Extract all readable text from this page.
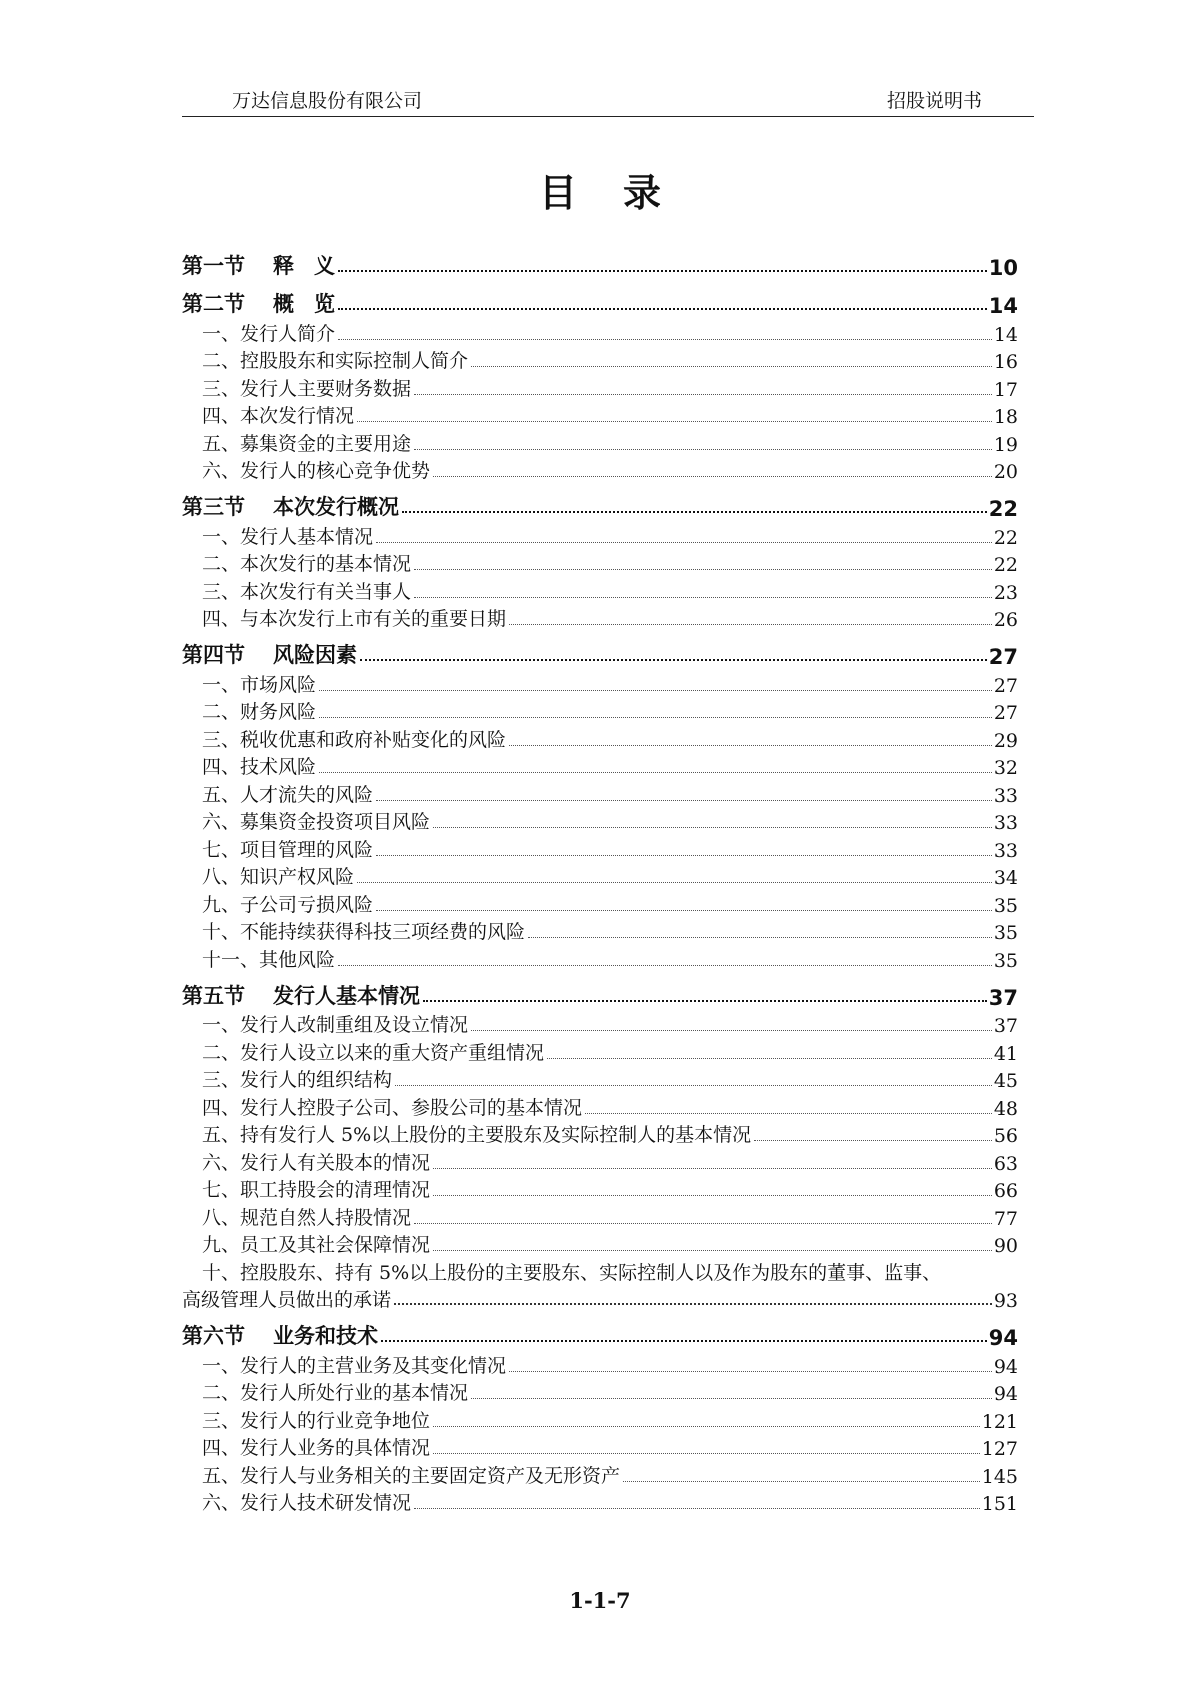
万达信息股份有限公司	招股说明书
目 录
第一节 释 义	10
第二节 概 览	14
一、发行人简介	14
二、控股股东和实际控制人简介	16
三、发行人主要财务数据	17
四、本次发行情况	18
五、募集资金的主要用途	19
六、发行人的核心竞争优势	20
第三节 本次发行概况	22
一、发行人基本情况	22
二、本次发行的基本情况	22
三、本次发行有关当事人	23
四、与本次发行上市有关的重要日期	26
第四节 风险因素	27
一、市场风险	27
二、财务风险	27
三、税收优惠和政府补贴变化的风险	29
四、技术风险	32
五、人才流失的风险	33
六、募集资金投资项目风险	33
七、项目管理的风险	33
八、知识产权风险	34
九、子公司亏损风险	35
十、不能持续获得科技三项经费的风险	35
十一、其他风险	35
第五节 发行人基本情况	37
一、发行人改制重组及设立情况	37
二、发行人设立以来的重大资产重组情况	41
三、发行人的组织结构	45
四、发行人控股子公司、参股公司的基本情况	48
五、持有发行人 5%以上股份的主要股东及实际控制人的基本情况	56
六、发行人有关股本的情况	63
七、职工持股会的清理情况	66
八、规范自然人持股情况	77
九、员工及其社会保障情况	90
十、控股股东、持有 5%以上股份的主要股东、实际控制人以及作为股东的董事、监事、
高级管理人员做出的承诺	93
第六节 业务和技术	94
一、发行人的主营业务及其变化情况	94
二、发行人所处行业的基本情况	94
三、发行人的行业竞争地位	121
四、发行人业务的具体情况	127
五、发行人与业务相关的主要固定资产及无形资产	145
六、发行人技术研发情况	151
1-1-7
